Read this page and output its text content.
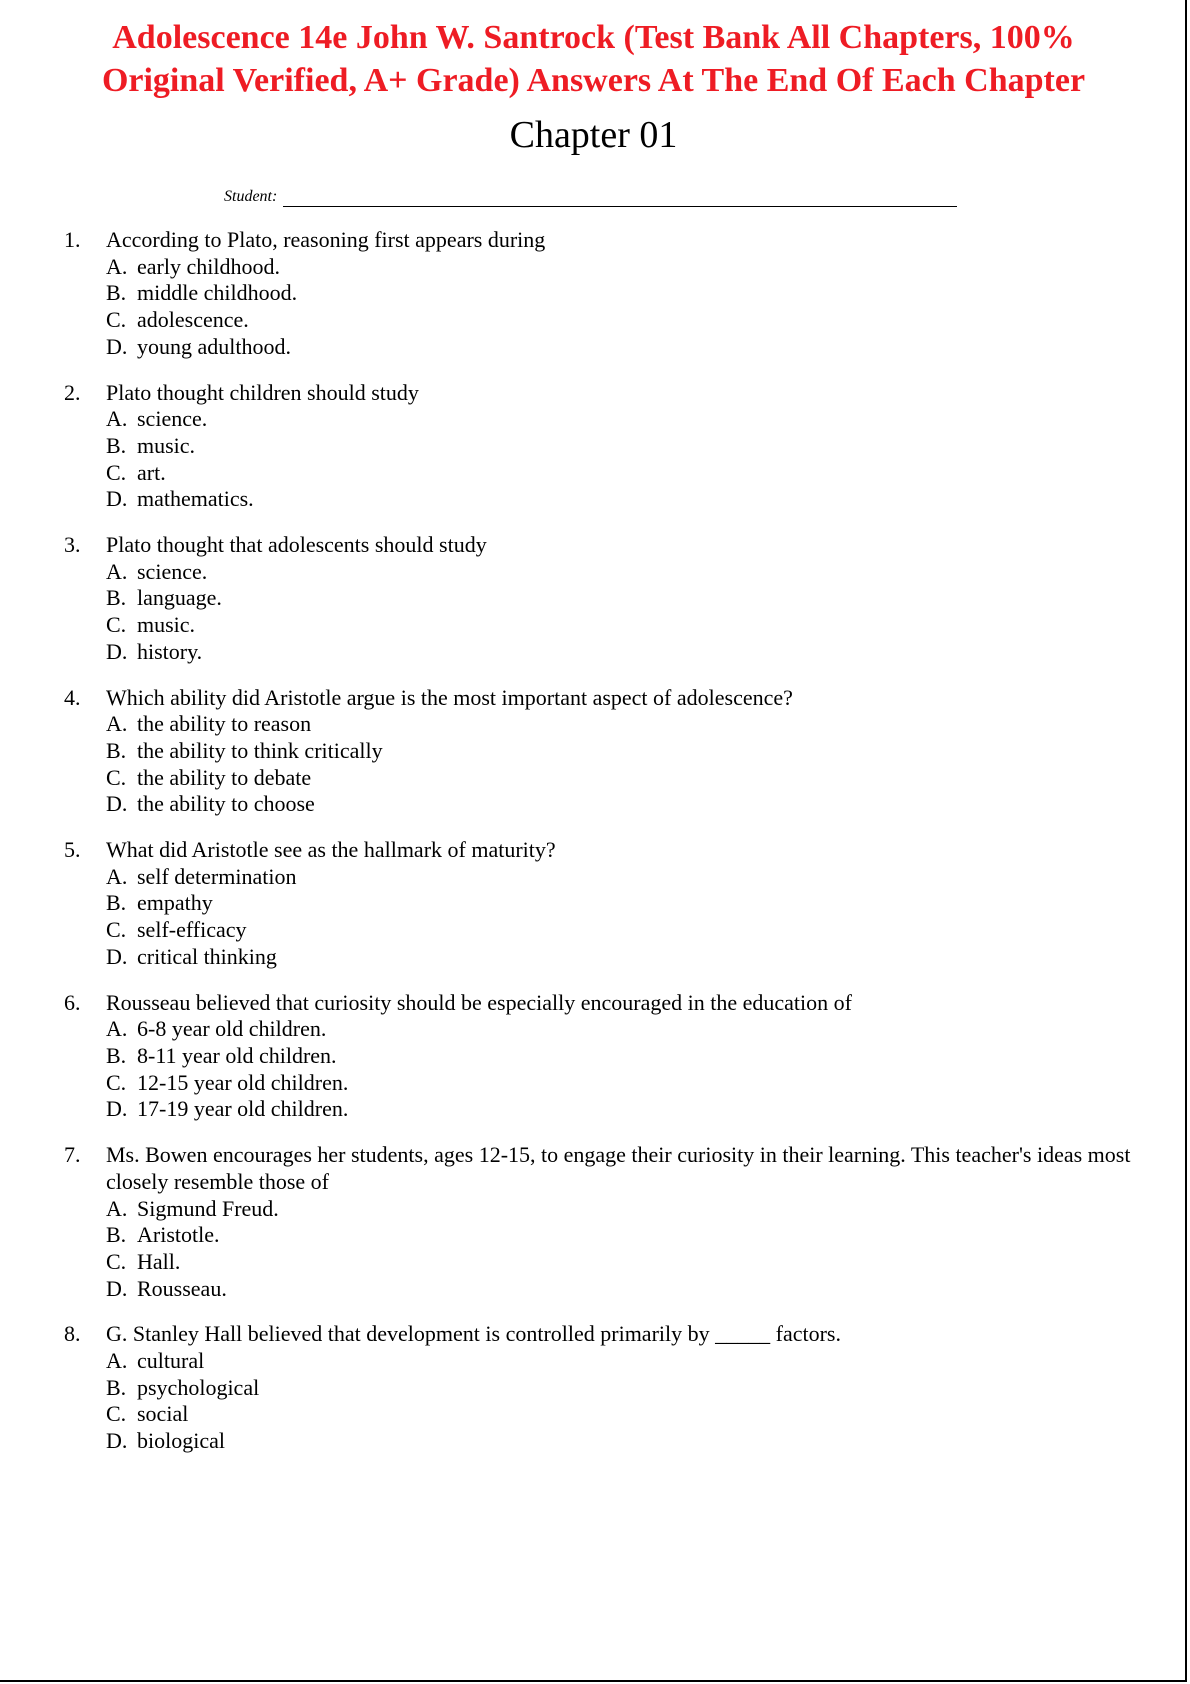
Adolescence 14e John W. Santrock (Test Bank All Chapters, 100%
Original Verified, A+ Grade) Answers At The End Of Each Chapter
Chapter 01
Student:
1.	According to Plato, reasoning first appears during
A. early childhood.
B. middle childhood.
C. adolescence.
D. young adulthood.
2.	Plato thought children should study
A. science.
B. music.
C. art.
D. mathematics.
3.	Plato thought that adolescents should study
A. science.
B. language.
C. music.
D. history.
4.	Which ability did Aristotle argue is the most important aspect of adolescence?
A. the ability to reason
B. the ability to think critically
C. the ability to debate
D. the ability to choose
5.	What did Aristotle see as the hallmark of maturity?
A. self determination
B. empathy
C. self-efficacy
D. critical thinking
6.	Rousseau believed that curiosity should be especially encouraged in the education of
A. 6-8 year old children.
B. 8-11 year old children.
C. 12-15 year old children.
D. 17-19 year old children.
7.	Ms. Bowen encourages her students, ages 12-15, to engage their curiosity in their learning. This teacher's ideas most closely resemble those of
A. Sigmund Freud.
B. Aristotle.
C. Hall.
D. Rousseau.
8.	G. Stanley Hall believed that development is controlled primarily by _____ factors.
A. cultural
B. psychological
C. social
D. biological
